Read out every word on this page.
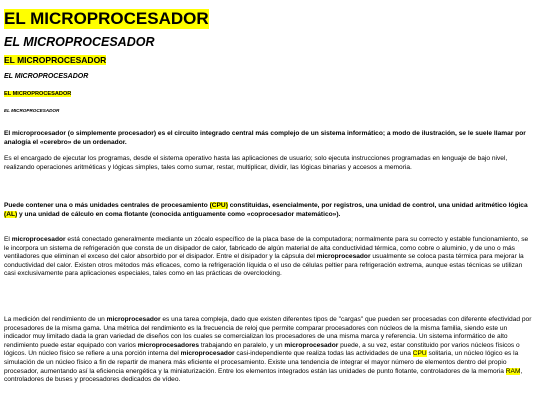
EL MICROPROCESADOR
EL MICROPROCESADOR
EL MICROPROCESADOR
EL MICROPROCESADOR
EL MICROPROCESADOR
EL MICROPROCESADOR

El microprocesador (o simplemente procesador) es el circuito integrado central más complejo de un sistema informático; a modo de ilustración, se le suele llamar por analogía el «cerebro» de un ordenador.

Es el encargado de ejecutar los programas, desde el sistema operativo hasta las aplicaciones de usuario; solo ejecuta instrucciones programadas en lenguaje de bajo nivel, realizando operaciones aritméticas y lógicas simples, tales como sumar, restar, multiplicar, dividir, las lógicas binarias y accesos a memoria.

Puede contener una o más unidades centrales de procesamiento (CPU) constituidas, esencialmente, por registros, una unidad de control, una unidad aritmético lógica (AL) y una unidad de cálculo en coma flotante (conocida antiguamente como «coprocesador matemático»).

El microprocesador está conectado generalmente mediante un zócalo específico de la placa base de la computadora; normalmente para su correcto y estable funcionamiento, se le incorpora un sistema de refrigeración que consta de un disipador de calor, fabricado de algún material de alta conductividad térmica, como cobre o aluminio, y de uno o más ventiladores que eliminan el exceso del calor absorbido por el disipador. Entre el disipador y la cápsula del microprocesador usualmente se coloca pasta térmica para mejorar la conductividad del calor. Existen otros métodos más eficaces, como la refrigeración líquida o el uso de células peltier para refrigeración extrema, aunque estas técnicas se utilizan casi exclusivamente para aplicaciones especiales, tales como en las prácticas de overclocking.

La medición del rendimiento de un microprocesador es una tarea compleja, dado que existen diferentes tipos de "cargas" que pueden ser procesadas con diferente efectividad por procesadores de la misma gama. Una métrica del rendimiento es la frecuencia de reloj que permite comparar procesadores con núcleos de la misma familia, siendo este un indicador muy limitado dada la gran variedad de diseños con los cuales se comercializan los procesadores de una misma marca y referencia. Un sistema informático de alto rendimiento puede estar equipado con varios microprocesadores trabajando en paralelo, y un microprocesador puede, a su vez, estar constituido por varios núcleos físicos o lógicos. Un núcleo físico se refiere a una porción interna del microprocesador casi-independiente que realiza todas las actividades de una CPU solitaria, un núcleo lógico es la simulación de un núcleo físico a fin de repartir de manera más eficiente el procesamiento. Existe una tendencia de integrar el mayor número de elementos dentro del propio procesador, aumentando así la eficiencia energética y la miniaturización. Entre los elementos integrados están las unidades de punto flotante, controladores de la memoria RAM, controladores de buses y procesadores dedicados de vídeo.
